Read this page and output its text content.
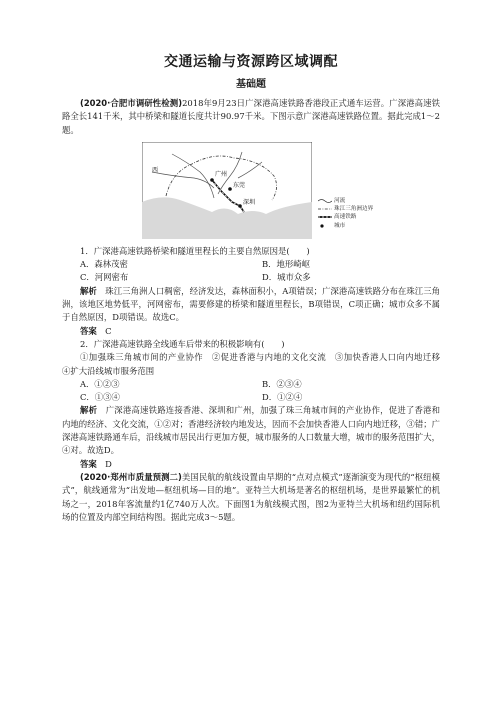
交通运输与资源跨区域调配
基础题

(2020·合肥市调研性检测)2018年9月23日广深港高速铁路香港段正式通车运营。广深港高速铁路全长141千米，其中桥梁和隧道长度共计90.97千米。下图示意广深港高速铁路位置。据此完成1～2题。

广州
东莞
深圳
西
河流
珠江三角洲边界
高速铁路
城市

1．广深港高速铁路桥梁和隧道里程长的主要自然原因是(　　)

A．森林茂密	B．地形崎岖

C．河网密布	D．城市众多

解析　 珠江三角洲人口稠密，经济发达，森林面积小，A项错误；广深港高速铁路分布在珠江三角洲，该地区地势低平，河网密布，需要修建的桥梁和隧道里程长，B项错误，C项正确；城市众多不属于自然原因，D项错误。故选C。

答案　 C

2．广深港高速铁路全线通车后带来的积极影响有(　　)

①加强珠三角城市间的产业协作　②促进香港与内地的文化交流　③加快香港人口向内地迁移　④扩大沿线城市服务范围

A．①②③	B．②③④

C．①③④	D．①②④

解析　 广深港高速铁路连接香港、深圳和广州，加强了珠三角城市间的产业协作，促进了香港和内地的经济、文化交流，①②对；香港经济较内地发达，因而不会加快香港人口向内地迁移，③错；广深港高速铁路通车后，沿线城市居民出行更加方便，城市服务的人口数量大增，城市的服务范围扩大，④对。故选D。

答案　 D

(2020·郑州市质量预测二)美国民航的航线设置由早期的“点对点模式”逐渐演变为现代的“枢纽模式”，航线通常为“出发地—枢纽机场—目的地”。亚特兰大机场是著名的枢纽机场，是世界最繁忙的机场之一，2018年客流量约1亿740万人次。下面图1为航线模式图，图2为亚特兰大机场和纽约国际机场的位置及内部空间结构图。据此完成3～5题。
